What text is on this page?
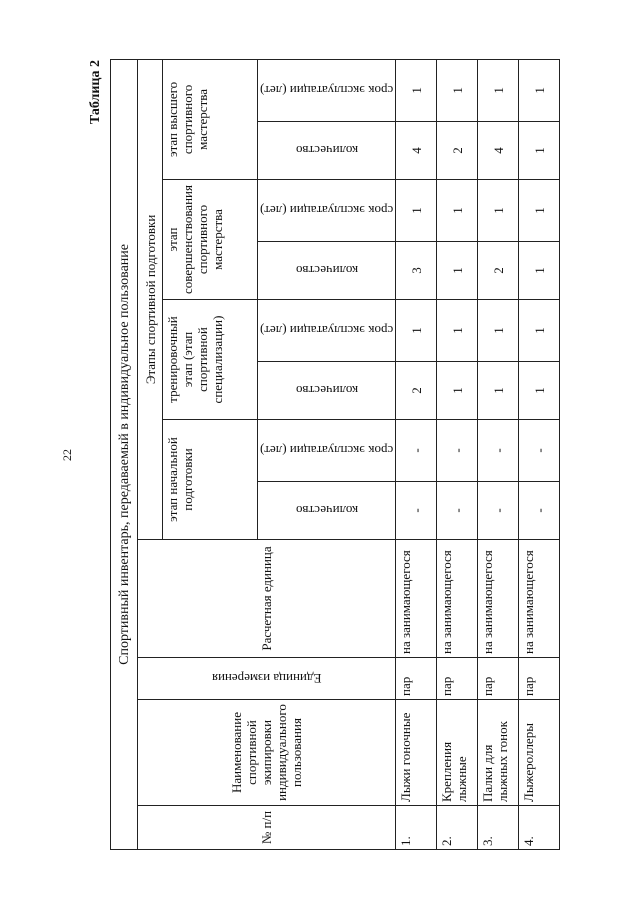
22
Таблица 2
Спортивный инвентарь, передаваемый в индивидуальное пользование											
№ п/п	Наименование спортивной экипировки индивидуального пользования	Единица измерения	Расчетная единица	Этапы спортивной подготовки							
				этап начальной подготовки		тренировочный этап (этап спортивной специализации)		этап совершенствования спортивного мастерства		этап высшего спортивного мастерства	

				количество	срок эксплуатации (лет)	количество	срок эксплуатации (лет)	количество	срок эксплуатации (лет)	количество	срок эксплуатации (лет)

1.	Лыжи гоночные	пар	на занимающегося	-	-	2	1	3	1	4	1
2.	Крепления лыжные	пар	на занимающегося	-	-	1	1	1	1	2	1
3.	Палки для лыжных гонок	пар	на занимающегося	-	-	1	1	2	1	4	1
4.	Лыжероллеры	пар	на занимающегося	-	-	1	1	1	1	1	1
